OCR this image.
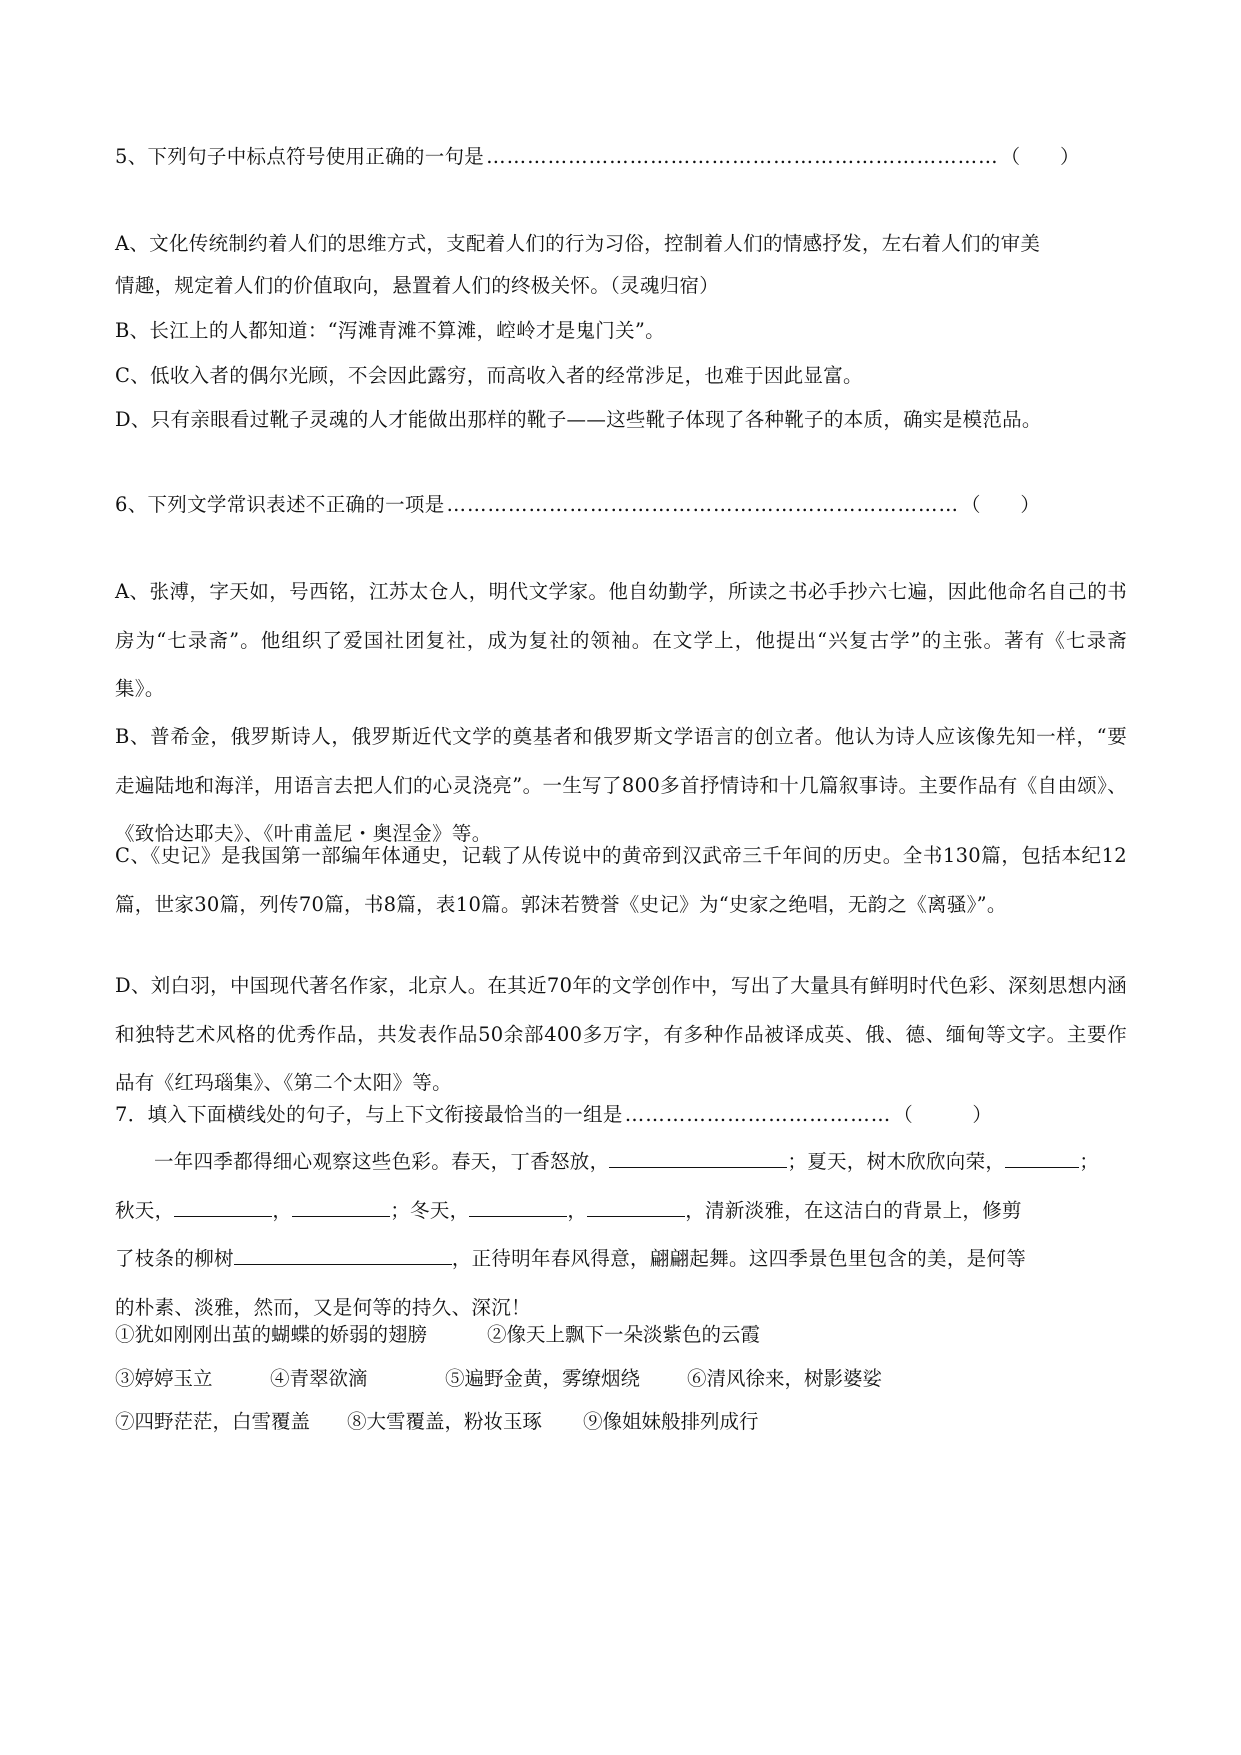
5、下列句子中标点符号使用正确的一句是 ………………………………………………………………… （　　）
A、文化传统制约着人们的思维方式，支配着人们的行为习俗，控制着人们的情感抒发，左右着人们的审美
情趣，规定着人们的价值取向，悬置着人们的终极关怀。（灵魂归宿）
B、长江上的人都知道：“泻滩青滩不算滩，崆岭才是鬼门关”。
C、低收入者的偶尔光顾，不会因此露穷，而高收入者的经常涉足，也难于因此显富。
D、只有亲眼看过靴子灵魂的人才能做出那样的靴子——这些靴子体现了各种靴子的本质，确实是模范品。
6、下列文学常识表述不正确的一项是 ………………………………………………………………… （　　）
A、张溥，字天如，号西铭，江苏太仓人，明代文学家。他自幼勤学，所读之书必手抄六七遍，因此他命名自己的书房为“七录斋”。他组织了爱国社团复社，成为复社的领袖。在文学上，他提出“兴复古学”的主张。著有《七录斋集》。
B、普希金，俄罗斯诗人，俄罗斯近代文学的奠基者和俄罗斯文学语言的创立者。他认为诗人应该像先知一样，“要走遍陆地和海洋，用语言去把人们的心灵浇亮”。一生写了800多首抒情诗和十几篇叙事诗。主要作品有《自由颂》、《致恰达耶夫》、《叶甫盖尼・奥涅金》等。
C、《史记》是我国第一部编年体通史，记载了从传说中的黄帝到汉武帝三千年间的历史。全书130篇，包括本纪12篇，世家30篇，列传70篇，书8篇，表10篇。郭沫若赞誉《史记》为“史家之绝唱，无韵之《离骚》”。
D、刘白羽，中国现代著名作家，北京人。在其近70年的文学创作中，写出了大量具有鲜明时代色彩、深刻思想内涵和独特艺术风格的优秀作品，共发表作品50余部400多万字，有多种作品被译成英、俄、德、缅甸等文字。主要作品有《红玛瑙集》、《第二个太阳》等。
7．填入下面横线处的句子，与上下文衔接最恰当的一组是 ………………………………… （　　　）
一年四季都得细心观察这些色彩。春天，丁香怒放，	；夏天，树木欣欣向荣，	；
秋天，	，	；冬天，	，	，清新淡雅，在这洁白的背景上，修剪
了枝条的柳树	，正待明年春风得意，翩翩起舞。这四季景色里包含的美，是何等
的朴素、淡雅，然而，又是何等的持久、深沉！
①犹如刚刚出茧的蝴蝶的娇弱的翅膀	②像天上飘下一朵淡紫色的云霞
③婷婷玉立	④青翠欲滴	⑤遍野金黄，雾缭烟绕 ⑥清风徐来，树影婆娑
⑦四野茫茫，白雪覆盖 ⑧大雪覆盖，粉妆玉琢 ⑨像姐妹般排列成行
